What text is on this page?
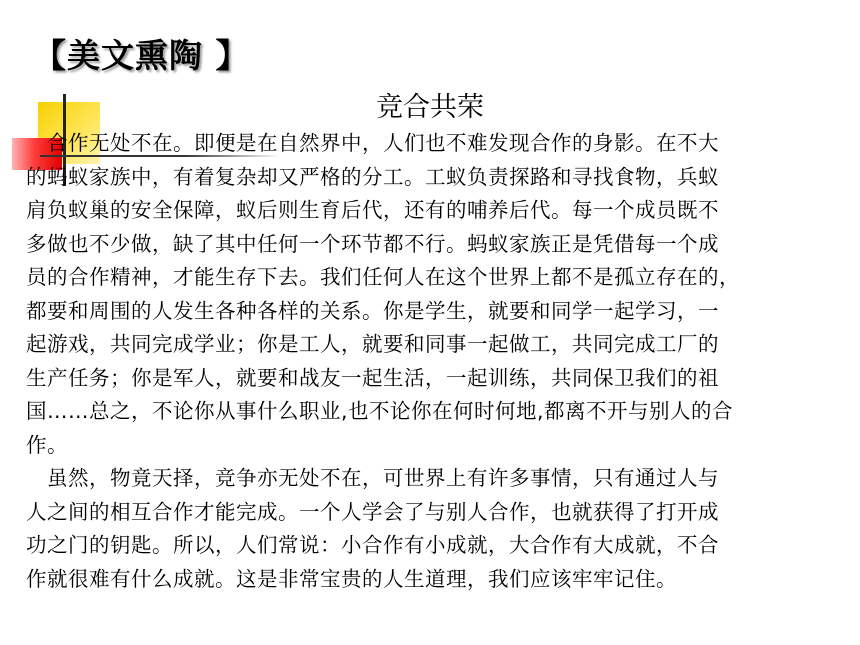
【美文熏陶 】
竞合共荣
　合作无处不在。即便是在自然界中，人们也不难发现合作的身影。在不大
的蚂蚁家族中，有着复杂却又严格的分工。工蚁负责探路和寻找食物，兵蚁
肩负蚁巢的安全保障，蚁后则生育后代，还有的哺养后代。每一个成员既不
多做也不少做，缺了其中任何一个环节都不行。蚂蚁家族正是凭借每一个成
员的合作精神，才能生存下去。我们任何人在这个世界上都不是孤立存在的，
都要和周围的人发生各种各样的关系。你是学生，就要和同学一起学习，一
起游戏，共同完成学业；你是工人，就要和同事一起做工，共同完成工厂的
生产任务；你是军人，就要和战友一起生活，一起训练，共同保卫我们的祖
国……总之，不论你从事什么职业,也不论你在何时何地,都离不开与别人的合
作。
　虽然，物竟天择，竞争亦无处不在，可世界上有许多事情，只有通过人与
人之间的相互合作才能完成。一个人学会了与别人合作，也就获得了打开成
功之门的钥匙。所以，人们常说：小合作有小成就，大合作有大成就，不合
作就很难有什么成就。这是非常宝贵的人生道理，我们应该牢牢记住。
